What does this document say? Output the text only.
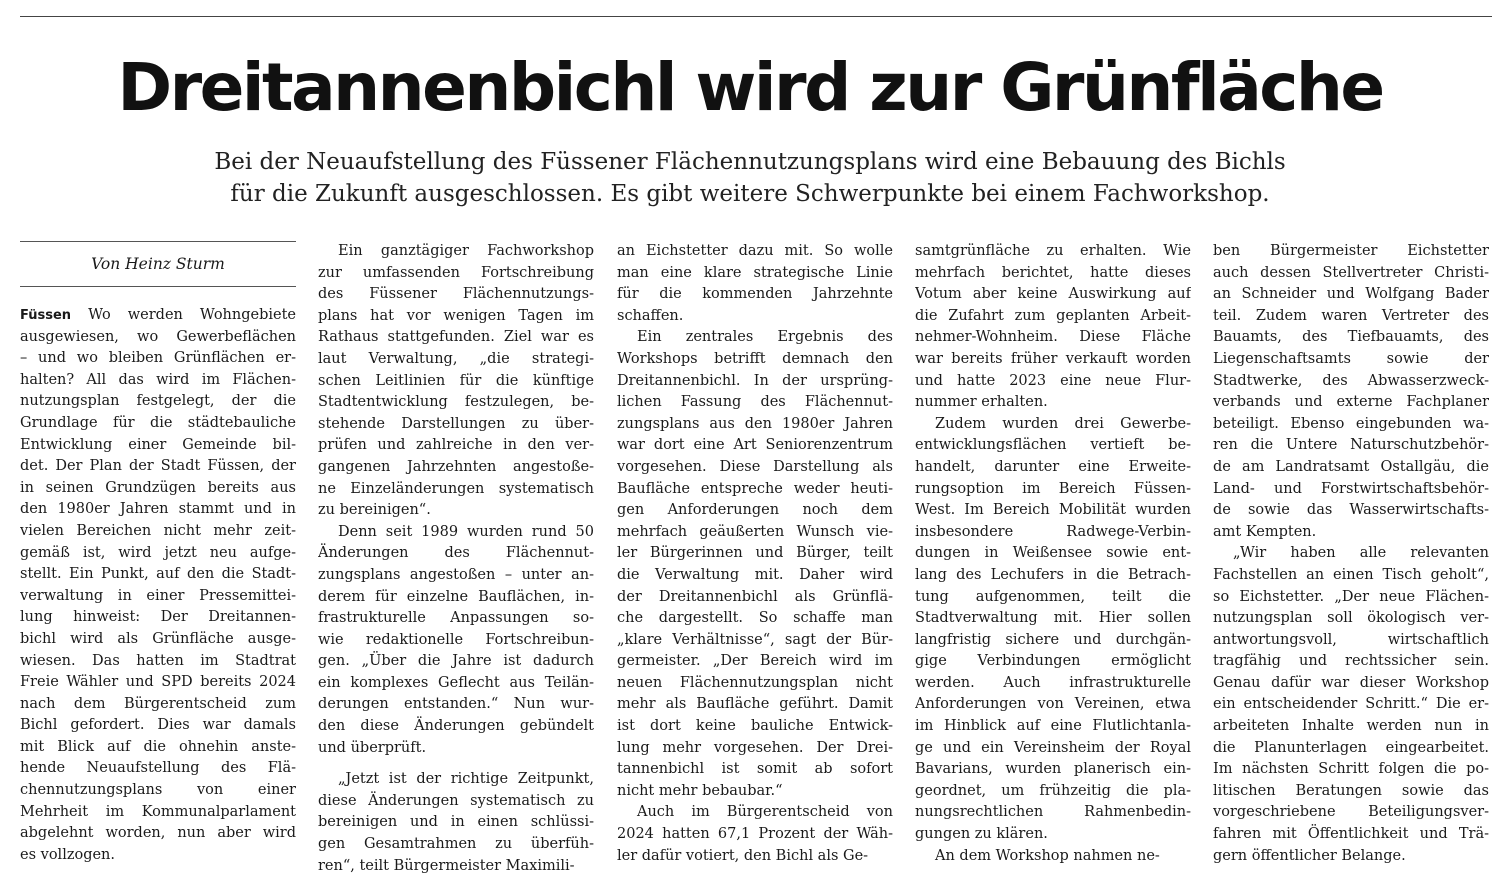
Dreitannenbichl wird zur Grünfläche
Bei der Neuaufstellung des Füssener Flächennutzungsplans wird eine Bebauung des Bichls
für die Zukunft ausgeschlossen. Es gibt weitere Schwerpunkte bei einem Fachworkshop.
Von Heinz Sturm
Füssen Wo werden Wohngebiete
ausgewiesen, wo Gewerbeflächen
– und wo bleiben Grünflächen er-
halten? All das wird im Flächen-
nutzungsplan festgelegt, der die
Grundlage für die städtebauliche
Entwicklung einer Gemeinde bil-
det. Der Plan der Stadt Füssen, der
in seinen Grundzügen bereits aus
den 1980er Jahren stammt und in
vielen Bereichen nicht mehr zeit-
gemäß ist, wird jetzt neu aufge-
stellt. Ein Punkt, auf den die Stadt-
verwaltung in einer Pressemittei-
lung hinweist: Der Dreitannen-
bichl wird als Grünfläche ausge-
wiesen. Das hatten im Stadtrat
Freie Wähler und SPD bereits 2024
nach dem Bürgerentscheid zum
Bichl gefordert. Dies war damals
mit Blick auf die ohnehin anste-
hende Neuaufstellung des Flä-
chennutzungsplans von einer
Mehrheit im Kommunalparlament
abgelehnt worden, nun aber wird
es vollzogen.
Ein ganztägiger Fachworkshop
zur umfassenden Fortschreibung
des Füssener Flächennutzungs-
plans hat vor wenigen Tagen im
Rathaus stattgefunden. Ziel war es
laut Verwaltung, „die strategi-
schen Leitlinien für die künftige
Stadtentwicklung festzulegen, be-
stehende Darstellungen zu über-
prüfen und zahlreiche in den ver-
gangenen Jahrzehnten angestoße-
ne Einzeländerungen systematisch
zu bereinigen“.
Denn seit 1989 wurden rund 50
Änderungen des Flächennut-
zungsplans angestoßen – unter an-
derem für einzelne Bauflächen, in-
frastrukturelle Anpassungen so-
wie redaktionelle Fortschreibun-
gen. „Über die Jahre ist dadurch
ein komplexes Geflecht aus Teilän-
derungen entstanden.“ Nun wur-
den diese Änderungen gebündelt
und überprüft.
„Jetzt ist der richtige Zeitpunkt,
diese Änderungen systematisch zu
bereinigen und in einen schlüssi-
gen Gesamtrahmen zu überfüh-
ren“, teilt Bürgermeister Maximili-
an Eichstetter dazu mit. So wolle
man eine klare strategische Linie
für die kommenden Jahrzehnte
schaffen.
Ein zentrales Ergebnis des
Workshops betrifft demnach den
Dreitannenbichl. In der ursprüng-
lichen Fassung des Flächennut-
zungsplans aus den 1980er Jahren
war dort eine Art Seniorenzentrum
vorgesehen. Diese Darstellung als
Baufläche entspreche weder heuti-
gen Anforderungen noch dem
mehrfach geäußerten Wunsch vie-
ler Bürgerinnen und Bürger, teilt
die Verwaltung mit. Daher wird
der Dreitannenbichl als Grünflä-
che dargestellt. So schaffe man
„klare Verhältnisse“, sagt der Bür-
germeister. „Der Bereich wird im
neuen Flächennutzungsplan nicht
mehr als Baufläche geführt. Damit
ist dort keine bauliche Entwick-
lung mehr vorgesehen. Der Drei-
tannenbichl ist somit ab sofort
nicht mehr bebaubar.“
Auch im Bürgerentscheid von
2024 hatten 67,1 Prozent der Wäh-
ler dafür votiert, den Bichl als Ge-
samtgrünfläche zu erhalten. Wie
mehrfach berichtet, hatte dieses
Votum aber keine Auswirkung auf
die Zufahrt zum geplanten Arbeit-
nehmer-Wohnheim. Diese Fläche
war bereits früher verkauft worden
und hatte 2023 eine neue Flur-
nummer erhalten.
Zudem wurden drei Gewerbe-
entwicklungsflächen vertieft be-
handelt, darunter eine Erweite-
rungsoption im Bereich Füssen-
West. Im Bereich Mobilität wurden
insbesondere Radwege-Verbin-
dungen in Weißensee sowie ent-
lang des Lechufers in die Betrach-
tung aufgenommen, teilt die
Stadtverwaltung mit. Hier sollen
langfristig sichere und durchgän-
gige Verbindungen ermöglicht
werden. Auch infrastrukturelle
Anforderungen von Vereinen, etwa
im Hinblick auf eine Flutlichtanla-
ge und ein Vereinsheim der Royal
Bavarians, wurden planerisch ein-
geordnet, um frühzeitig die pla-
nungsrechtlichen Rahmenbedin-
gungen zu klären.
An dem Workshop nahmen ne-
ben Bürgermeister Eichstetter
auch dessen Stellvertreter Christi-
an Schneider und Wolfgang Bader
teil. Zudem waren Vertreter des
Bauamts, des Tiefbauamts, des
Liegenschaftsamts sowie der
Stadtwerke, des Abwasserzweck-
verbands und externe Fachplaner
beteiligt. Ebenso eingebunden wa-
ren die Untere Naturschutzbehör-
de am Landratsamt Ostallgäu, die
Land- und Forstwirtschaftsbehör-
de sowie das Wasserwirtschafts-
amt Kempten.
„Wir haben alle relevanten
Fachstellen an einen Tisch geholt“,
so Eichstetter. „Der neue Flächen-
nutzungsplan soll ökologisch ver-
antwortungsvoll, wirtschaftlich
tragfähig und rechtssicher sein.
Genau dafür war dieser Workshop
ein entscheidender Schritt.“ Die er-
arbeiteten Inhalte werden nun in
die Planunterlagen eingearbeitet.
Im nächsten Schritt folgen die po-
litischen Beratungen sowie das
vorgeschriebene Beteiligungsver-
fahren mit Öffentlichkeit und Trä-
gern öffentlicher Belange.
